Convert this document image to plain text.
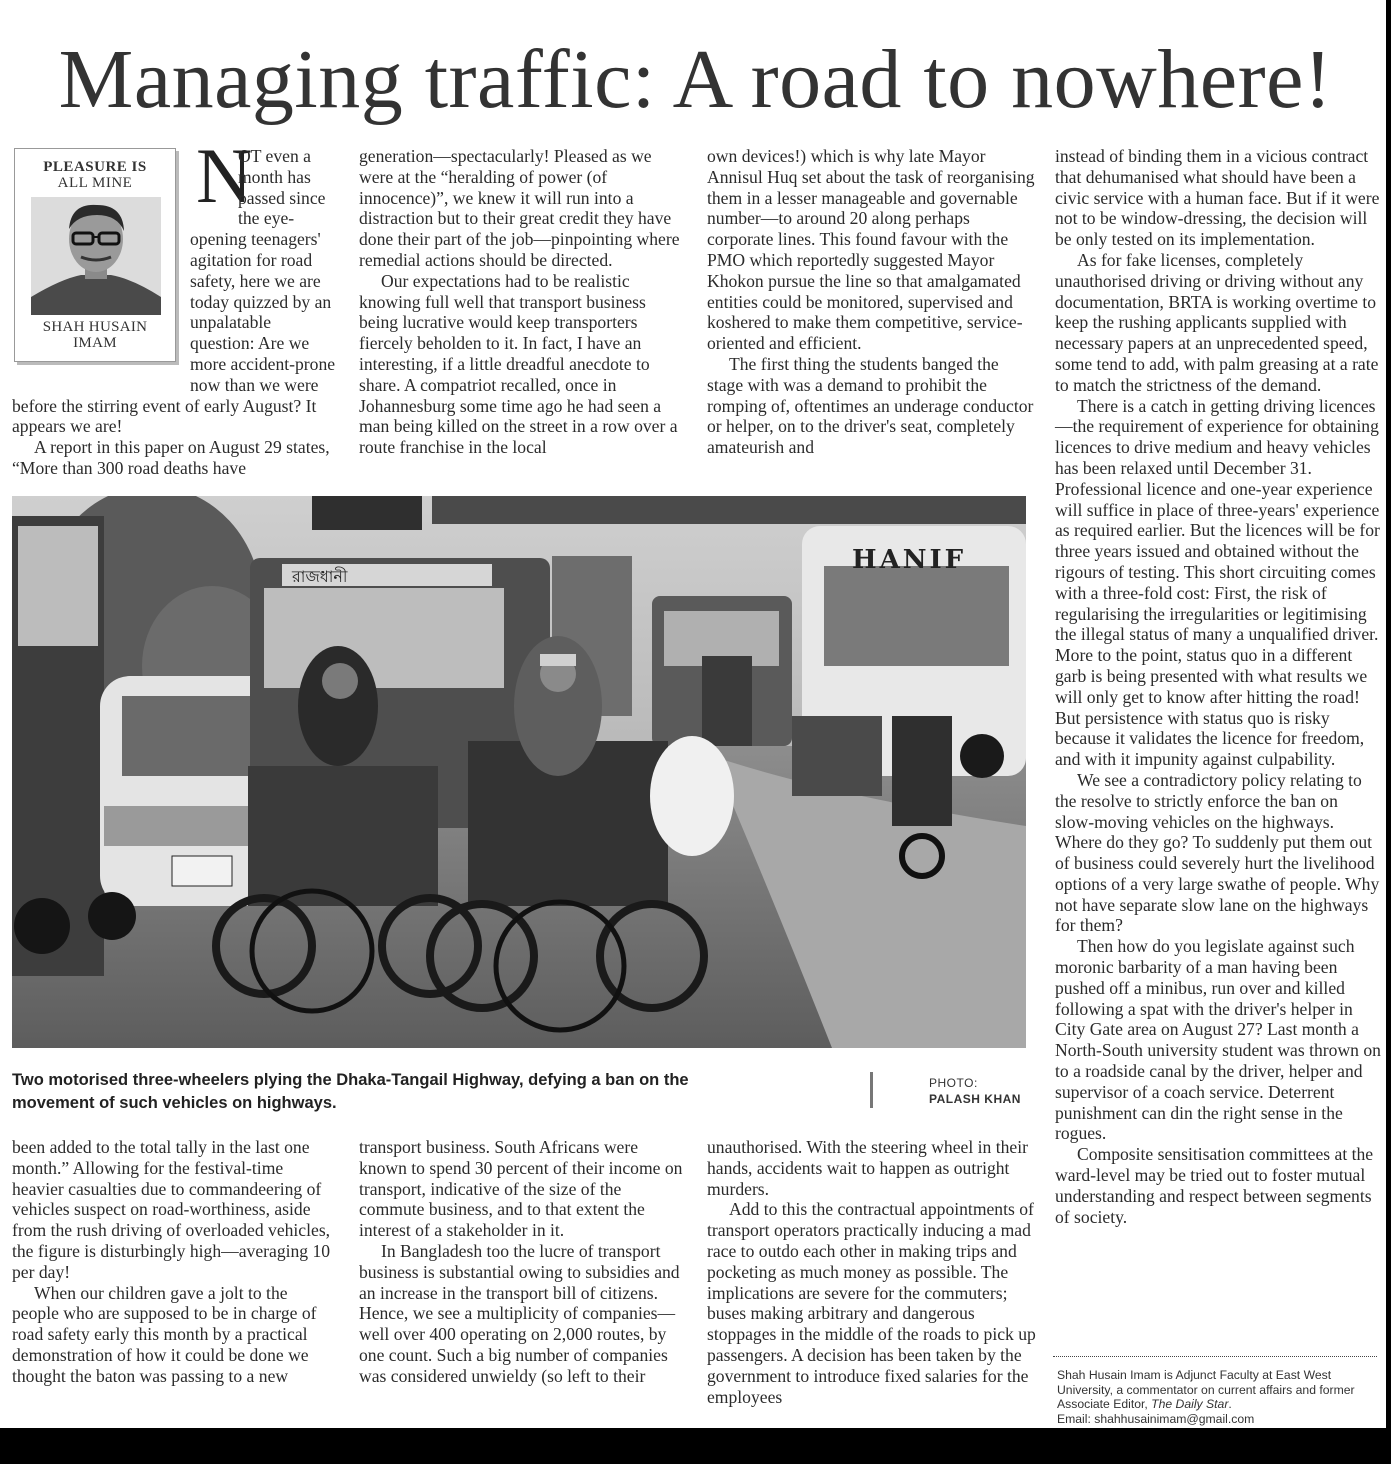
Managing traffic: A road to nowhere!
PLEASURE IS
ALL MINE
SHAH HUSAIN
IMAM
N

OT even a month has passed since the eye-opening teenagers' agitation for road safety, here we are today quizzed by an unpalatable question: Are we more accident-prone now than we were before the stirring event of early August? It appears we are!

A report in this paper on August 29 states, “More than 300 road deaths have

generation—spectacularly! Pleased as we were at the “heralding of power (of innocence)”, we knew it will run into a distraction but to their great credit they have done their part of the job—pinpointing where remedial actions should be directed.

Our expectations had to be realistic knowing full well that transport business being lucrative would keep transporters fiercely beholden to it. In fact, I have an interesting, if a little dreadful anecdote to share. A compatriot recalled, once in Johannesburg some time ago he had seen a man being killed on the street in a row over a route franchise in the local

own devices!) which is why late Mayor Annisul Huq set about the task of reorganising them in a lesser manageable and governable number—to around 20 along perhaps corporate lines. This found favour with the PMO which reportedly suggested Mayor Khokon pursue the line so that amalgamated entities could be monitored, supervised and koshered to make them competitive, service-oriented and efficient.

The first thing the students banged the stage with was a demand to prohibit the romping of, oftentimes an underage conductor or helper, on to the driver's seat, completely amateurish and

instead of binding them in a vicious contract that dehumanised what should have been a civic service with a human face. But if it were not to be window-dressing, the decision will be only tested on its implementation.

As for fake licenses, completely unauthorised driving or driving without any documentation, BRTA is working overtime to keep the rushing applicants supplied with necessary papers at an unprecedented speed, some tend to add, with palm greasing at a rate to match the strictness of the demand.

There is a catch in getting driving licences—the requirement of experience for obtaining licences to drive medium and heavy vehicles has been relaxed until December 31. Professional licence and one-year experience will suffice in place of three-years' experience as required earlier. But the licences will be for three years issued and obtained without the rigours of testing. This short circuiting comes with a three-fold cost: First, the risk of regularising the irregularities or legitimising the illegal status of many a unqualified driver. More to the point, status quo in a different garb is being presented with what results we will only get to know after hitting the road! But persistence with status quo is risky because it validates the licence for freedom, and with it impunity against culpability.

We see a contradictory policy relating to the resolve to strictly enforce the ban on slow-moving vehicles on the highways. Where do they go? To suddenly put them out of business could severely hurt the livelihood options of a very large swathe of people. Why not have separate slow lane on the highways for them?

Then how do you legislate against such moronic barbarity of a man having been pushed off a minibus, run over and killed following a spat with the driver's helper in City Gate area on August 27? Last month a North-South university student was thrown on to a roadside canal by the driver, helper and supervisor of a coach service. Deterrent punishment can din the right sense in the rogues.

Composite sensitisation committees at the ward-level may be tried out to foster mutual understanding and respect between segments of society.

রাজধানী
HANIF
Two motorised three-wheelers plying the Dhaka-Tangail Highway, defying a ban on the movement of such vehicles on highways.
PHOTO:
PALASH KHAN

been added to the total tally in the last one month.” Allowing for the festival-time heavier casualties due to commandeering of vehicles suspect on road-worthiness, aside from the rush driving of overloaded vehicles, the figure is disturbingly high—averaging 10 per day!

When our children gave a jolt to the people who are supposed to be in charge of road safety early this month by a practical demonstration of how it could be done we thought the baton was passing to a new

transport business. South Africans were known to spend 30 percent of their income on transport, indicative of the size of the commute business, and to that extent the interest of a stakeholder in it.

In Bangladesh too the lucre of transport business is substantial owing to subsidies and an increase in the transport bill of citizens. Hence, we see a multiplicity of companies—well over 400 operating on 2,000 routes, by one count. Such a big number of companies was considered unwieldy (so left to their

unauthorised. With the steering wheel in their hands, accidents wait to happen as outright murders.

Add to this the contractual appointments of transport operators practically inducing a mad race to outdo each other in making trips and pocketing as much money as possible. The implications are severe for the commuters; buses making arbitrary and dangerous stoppages in the middle of the roads to pick up passengers. A decision has been taken by the government to introduce fixed salaries for the employees

Shah Husain Imam is Adjunct Faculty at East West University, a commentator on current affairs and former Associate Editor, The Daily Star.
Email: shahhusainimam@gmail.com
